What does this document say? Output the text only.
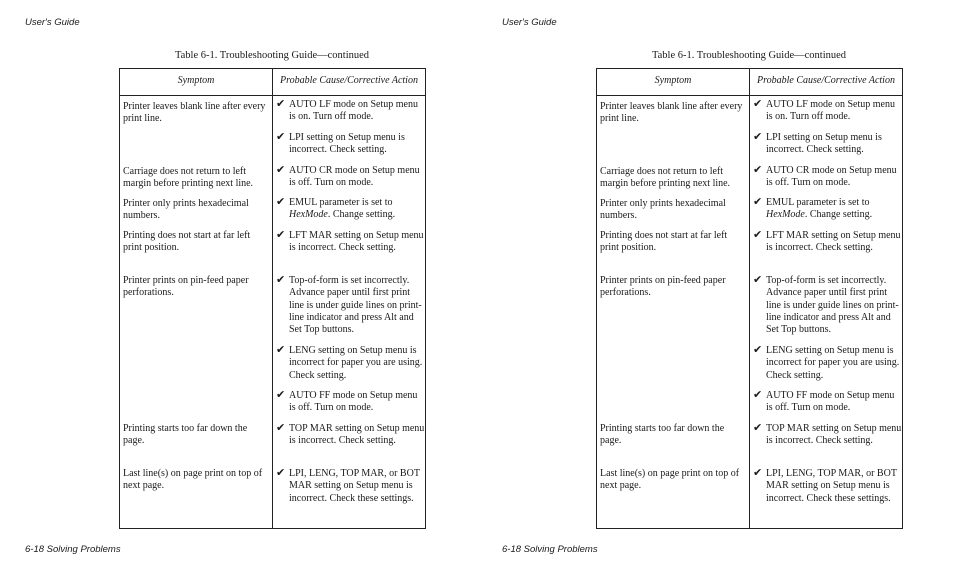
User's Guide
Table 6-1. Troubleshooting Guide—continued
Symptom	Probable Cause/Corrective Action
Printer leaves blank line after every print line.
Carriage does not return to left margin before printing next line.
Printer only prints hexadecimal numbers.
Printing does not start at far left print position.
Printer prints on pin-feed paper perforations.
Printing starts too far down the page.
Last line(s) on page print on top of next page.
✔ AUTO LF mode on Setup menu is on. Turn off mode.
✔ LPI setting on Setup menu is incorrect. Check setting.
✔ AUTO CR mode on Setup menu is off. Turn on mode.
✔ EMUL parameter is set to HexMode. Change setting.
✔ LFT MAR setting on Setup menu is incorrect. Check setting.
✔ Top-of-form is set incorrectly. Advance paper until first print line is under guide lines on print-line indicator and press Alt and Set Top buttons.
✔ LENG setting on Setup menu is incorrect for paper you are using. Check setting.
✔ AUTO FF mode on Setup menu is off. Turn on mode.
✔ TOP MAR setting on Setup menu is incorrect. Check setting.
✔ LPI, LENG, TOP MAR, or BOT MAR setting on Setup menu is incorrect. Check these settings.
6-18 Solving Problems
User's Guide
Table 6-1. Troubleshooting Guide—continued
Symptom	Probable Cause/Corrective Action
Printer leaves blank line after every print line.
Carriage does not return to left margin before printing next line.
Printer only prints hexadecimal numbers.
Printing does not start at far left print position.
Printer prints on pin-feed paper perforations.
Printing starts too far down the page.
Last line(s) on page print on top of next page.
✔ AUTO LF mode on Setup menu is on. Turn off mode.
✔ LPI setting on Setup menu is incorrect. Check setting.
✔ AUTO CR mode on Setup menu is off. Turn on mode.
✔ EMUL parameter is set to HexMode. Change setting.
✔ LFT MAR setting on Setup menu is incorrect. Check setting.
✔ Top-of-form is set incorrectly. Advance paper until first print line is under guide lines on print-line indicator and press Alt and Set Top buttons.
✔ LENG setting on Setup menu is incorrect for paper you are using. Check setting.
✔ AUTO FF mode on Setup menu is off. Turn on mode.
✔ TOP MAR setting on Setup menu is incorrect. Check setting.
✔ LPI, LENG, TOP MAR, or BOT MAR setting on Setup menu is incorrect. Check these settings.
6-18 Solving Problems
